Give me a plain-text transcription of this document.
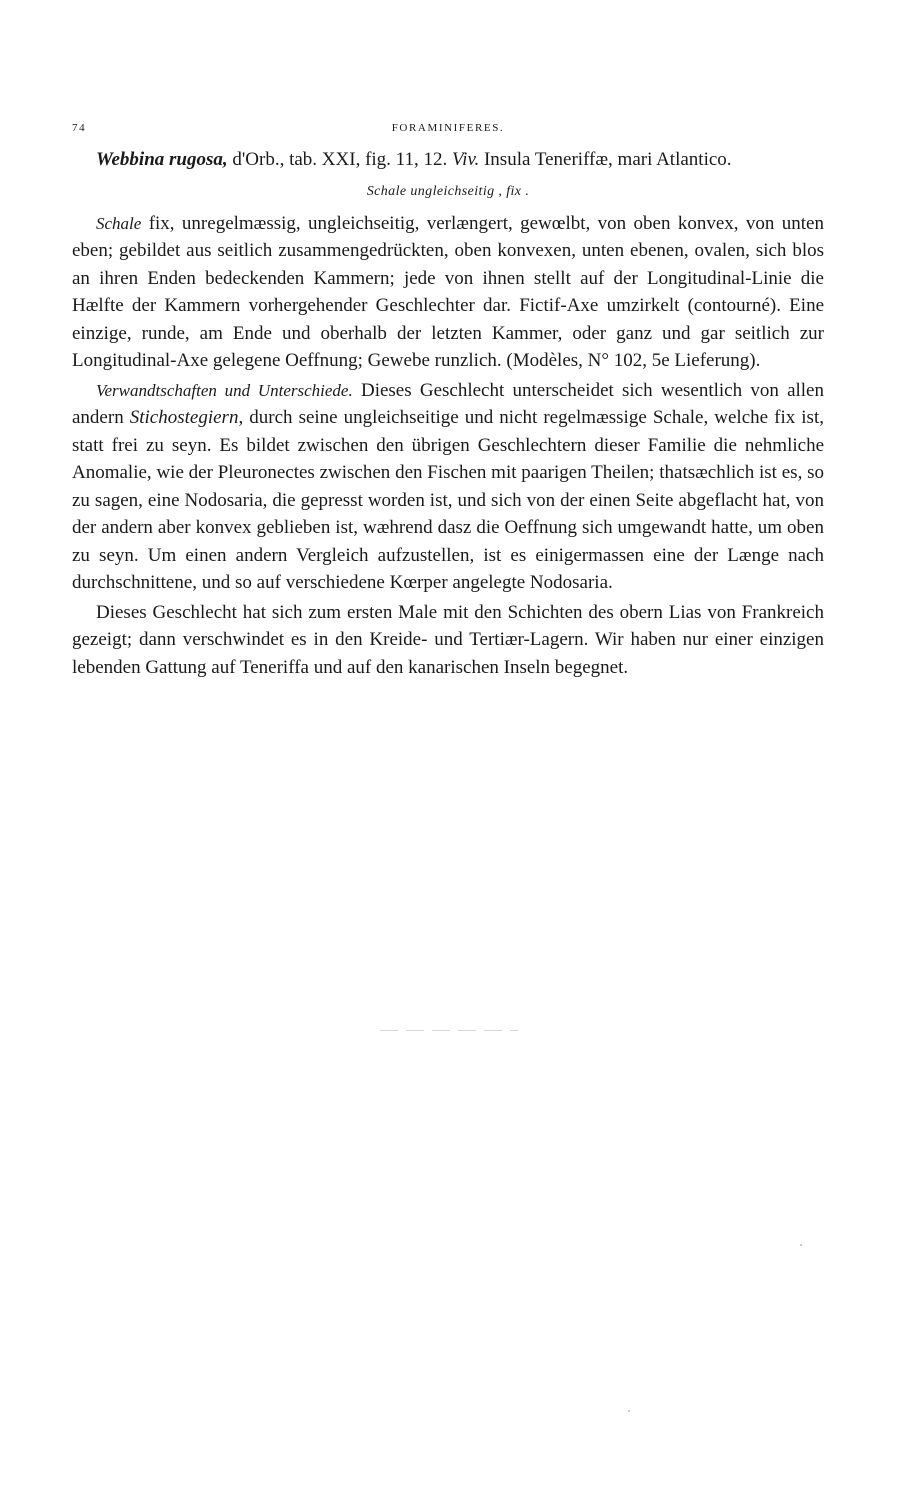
74	FORAMINIFERES.

Webbina rugosa, d'Orb., tab. XXI, fig. 11, 12. Viv. Insula Teneriffæ, mari Atlantico.

Schale ungleichseitig , fix .

Schale fix, unregelmæssig, ungleichseitig, verlængert, gewœlbt, von oben konvex, von unten eben; gebildet aus seitlich zusammengedrückten, oben konvexen, unten ebenen, ovalen, sich blos an ihren Enden bedeckenden Kammern; jede von ihnen stellt auf der Longitudinal-Linie die Hælfte der Kammern vorhergehender Geschlechter dar. Fictif-Axe umzirkelt (contourné). Eine einzige, runde, am Ende und oberhalb der letzten Kammer, oder ganz und gar seitlich zur Longitudinal-Axe gelegene Oeffnung; Gewebe runzlich. (Modèles, N° 102, 5e Lieferung).

Verwandtschaften und Unterschiede. Dieses Geschlecht unterscheidet sich wesentlich von allen andern Stichostegiern, durch seine ungleichseitige und nicht regelmæssige Schale, welche fix ist, statt frei zu seyn. Es bildet zwischen den übrigen Geschlechtern dieser Familie die nehmliche Anomalie, wie der Pleuronectes zwischen den Fischen mit paarigen Theilen; thatsæchlich ist es, so zu sagen, eine Nodosaria, die gepresst worden ist, und sich von der einen Seite abgeflacht hat, von der andern aber konvex geblieben ist, wæhrend dasz die Oeffnung sich umgewandt hatte, um oben zu seyn. Um einen andern Vergleich aufzustellen, ist es einigermassen eine der Længe nach durchschnittene, und so auf verschiedene Kœrper angelegte Nodosaria.

Dieses Geschlecht hat sich zum ersten Male mit den Schichten des obern Lias von Frankreich gezeigt; dann verschwindet es in den Kreide- und Tertiær-Lagern. Wir haben nur einer einzigen lebenden Gattung auf Teneriffa und auf den kanarischen Inseln begegnet.
